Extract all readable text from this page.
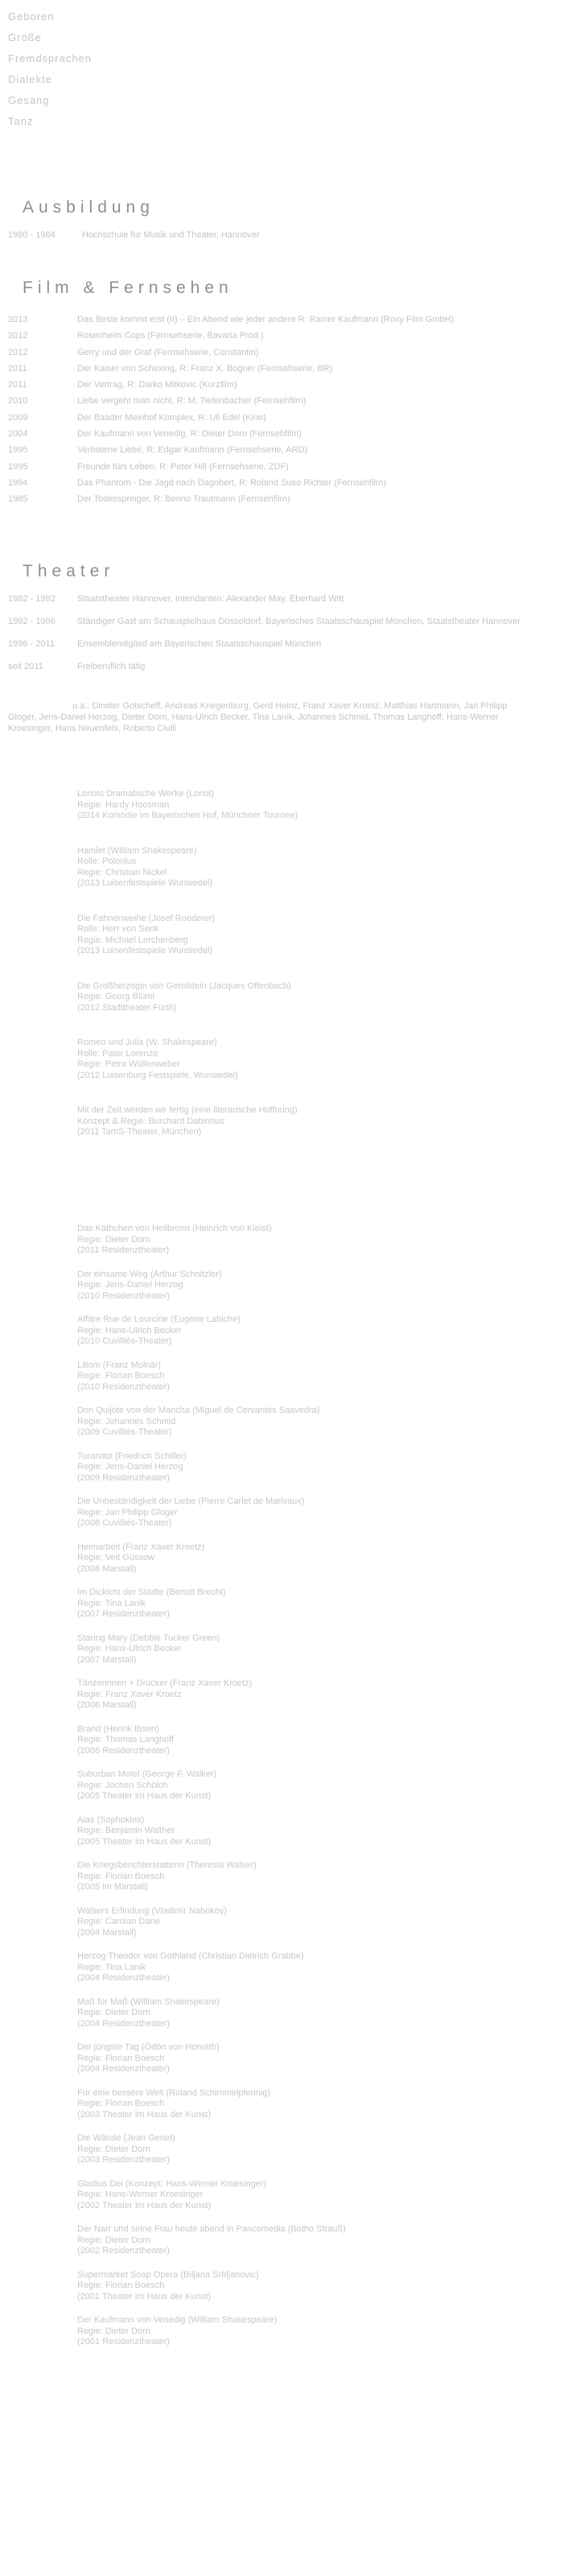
Geboren
Größe
Fremdsprachen
Dialekte
Gesang
Tanz
Ausbildung
1980 - 1984	Hochschule für Musik und Theater, Hannover
Film & Fernsehen
2013	Das Beste kommt erst (II) – Ein Abend wie jeder andere R: Rainer Kaufmann (Roxy Film GmbH)
2012	Rosenheim Cops (Fernsehserie, Bavaria Prod.)
2012	Gerry und der Graf (Fernsehserie, Constantin)
2011	Der Kaiser von Schexing, R: Franz X. Bogner (Fernsehserie, BR)
2011	Der Vertrag, R: Darko Mitkovic (Kurzfilm)
2010	Liebe vergeht man nicht, R: M. Tiefenbacher (Fernsehfilm)
2009	Der Baader Meinhof Komplex, R: Uli Edel (Kino)
2004	Der Kaufmann von Venedig, R: Dieter Dorn (Fernsehfilm)
1995	Verbotene Liebe, R: Edgar Kaufmann (Fernsehserie, ARD)
1995	Freunde fürs Leben, R: Peter Hill (Fernsehserie, ZDF)
1994	Das Phantom - Die Jagd nach Dagobert, R: Roland Suso Richter (Fernsehfilm)
1985	Der Todesspringer, R: Benno Trautmann (Fernsehfilm)
Theater
1982 - 1992	Staatstheater Hannover, Intendanten: Alexander May, Eberhard Witt
1992 - 1996	Ständiger Gast am Schauspielhaus Düsseldorf, Bayerisches Staatsschauspiel München, Staatstheater Hannover
1996 - 2011	Ensemblemitglied am Bayerischen Staatsschauspiel München
seit 2011	Freiberuflich tätig
u.a.: Dimiter Gotscheff, Andreas Kriegenburg, Gerd Heinz, Franz Xaver Kroetz, Matthias Hartmann, Jan Philipp Gloger, Jens-Daniel Herzog, Dieter Dorn, Hans-Ulrich Becker, Tina Lanik, Johannes Schmid, Thomas Langhoff, Hans-Werner Kroesinger, Hans Neuenfels, Roberto Ciulli
Loriots Dramatische Werke (Loriot)
Regie: Hardy Hoosman
(2014 Komödie im Bayerischen Hof, Münchner Tournee)
Hamlet (William Shakespeare)
Rolle: Polonius
Regie: Christian Nickel
(2013 Luisenfestspiele Wunsiedel)
Die Fahnenweihe (Josef Ruederer)
Rolle: Herr von Senk
Regie: Michael Lerchenberg
(2013 Luisenfestspiele Wunsiedel)
Die Großherzogin von Gerolstein (Jacques Offenbach)
Regie: Georg Blüml
(2012 Stadttheater Fürth)
Romeo und Julia (W. Shakespeare)
Rolle: Pater Lorenzo
Regie: Petra Wüllenweber
(2012 Luisenburg Festspiele, Wunsiedel)
Mit der Zeit werden wir fertig (eine literarische Hoffnung)
Konzept & Regie: Burchard Dabinnus
(2011 TamS-Theater, München)
Das Käthchen von Heilbronn (Heinrich von Kleist)
Regie: Dieter Dorn
(2011 Residenztheater)
Der einsame Weg (Arthur Schnitzler)
Regie: Jens-Daniel Herzog
(2010 Residenztheater)
Affäre Rue de Lourcine (Eugène Labiche)
Regie: Hans-Ulrich Becker
(2010 Cuvilliés-Theater)
Liliom (Franz Molnár)
Regie: Florian Boesch
(2010 Residenztheater)
Don Quijote von der Mancha (Miguel de Cervantes Saavedra)
Regie: Johannes Schmid
(2009 Cuvilliés-Theater)
Turandot (Friedrich Schiller)
Regie: Jens-Daniel Herzog
(2009 Residenztheater)
Die Unbeständigkeit der Liebe (Pierre Carlet de Marivaux)
Regie: Jan Philipp Gloger
(2008 Cuvilliés-Theater)
Heimarbeit (Franz Xaver Kroetz)
Regie: Veit Güssow
(2008 Marstall)
Im Dickicht der Städte (Bertolt Brecht)
Regie: Tina Lanik
(2007 Residenztheater)
Staring Mary (Debbie Tucker Green)
Regie: Hans-Ulrich Becker
(2007 Marstall)
Tänzerinnen + Drücker (Franz Xaver Kroetz)
Regie: Franz Xaver Kroetz
(2006 Marstall)
Brand (Henrik Ibsen)
Regie: Thomas Langhoff
(2006 Residenztheater)
Suburban Motel (George F. Walker)
Regie: Jochen Schölch
(2005 Theater im Haus der Kunst)
Aias (Sophokles)
Regie: Benjamin Walther
(2005 Theater im Haus der Kunst)
Die Kriegsberichterstatterin (Theresia Walser)
Regie: Florian Boesch
(2005 im Marstall)
Walsers Erfindung (Vladimir Nabokov)
Regie: Carolan Dane
(2004 Marstall)
Herzog Theodor von Gothland (Christian Dietrich Grabbe)
Regie: Tina Lanik
(2004 Residenztheater)
Maß für Maß (William Shakespeare)
Regie: Dieter Dorn
(2004 Residenztheater)
Der jüngste Tag (Ödön von Horváth)
Regie: Florian Boesch
(2004 Residenztheater)
Für eine bessere Welt (Roland Schimmelpfennig)
Regie: Florian Boesch
(2003 Theater im Haus der Kunst)
Die Wände (Jean Genet)
Regie: Dieter Dorn
(2003 Residenztheater)
Gladius Dei (Konzept: Hans-Werner Kroesinger)
Regie: Hans-Werner Kroesinger
(2002 Theater im Haus der Kunst)
Der Narr und seine Frau heute abend in Pancomedia (Botho Strauß)
Regie: Dieter Dorn
(2002 Residenztheater)
Supermarket Soap Opera (Biljana Srbljanovic)
Regie: Florian Boesch
(2001 Theater im Haus der Kunst)
Der Kaufmann von Venedig (William Shakespeare)
Regie: Dieter Dorn
(2001 Residenztheater)
